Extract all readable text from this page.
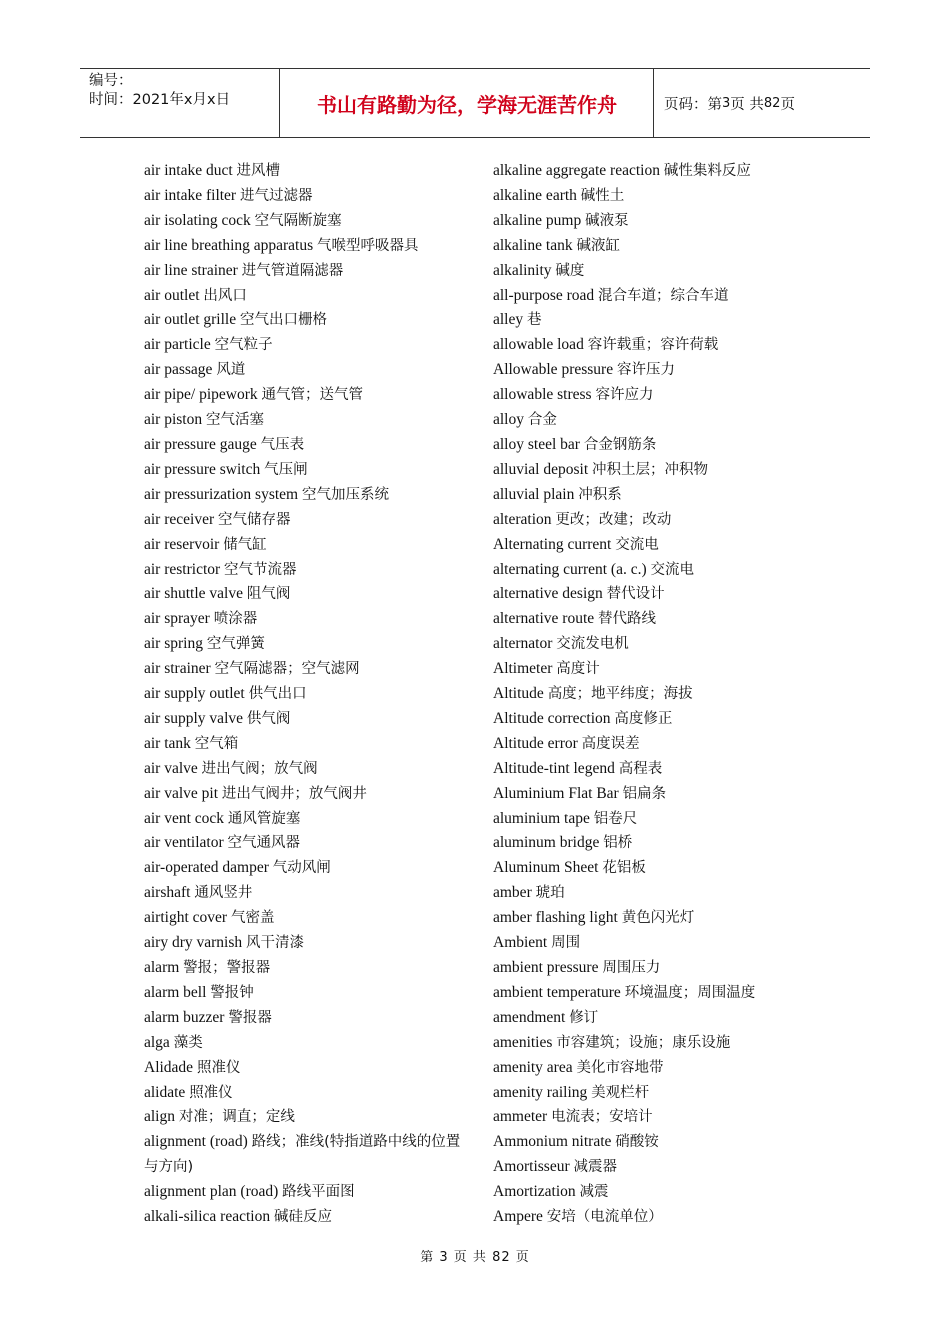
编号：
时间：2021年x月x日	书山有路勤为径，学海无涯苦作舟	页码：第 3 页 共 82 页
air intake duct 进风槽
air intake filter 进气过滤器
air isolating cock 空气隔断旋塞
air line breathing apparatus 气喉型呼吸器具
air line strainer 进气管道隔滤器
air outlet 出风口
air outlet grille 空气出口栅格
air particle 空气粒子
air passage 风道
air pipe/ pipework 通气管；送气管
air piston 空气活塞
air pressure gauge 气压表
air pressure switch 气压闸
air pressurization system 空气加压系统
air receiver 空气储存器
air reservoir 储气缸
air restrictor 空气节流器
air shuttle valve 阻气阀
air sprayer 喷涂器
air spring 空气弹簧
air strainer 空气隔滤器；空气滤网
air supply outlet 供气出口
air supply valve 供气阀
air tank 空气箱
air valve 进出气阀；放气阀
air valve pit 进出气阀井；放气阀井
air vent cock 通风管旋塞
air ventilator 空气通风器
air-operated damper 气动风闸
airshaft 通风竖井
airtight cover 气密盖
airy dry varnish 风干清漆
alarm 警报；警报器
alarm bell 警报钟
alarm buzzer 警报器
alga 藻类
Alidade 照准仪
alidate 照准仪
align 对准；调直；定线
alignment (road) 路线；准线(特指道路中线的位置与方向)
alignment plan (road) 路线平面图
alkali-silica reaction 碱硅反应
alkaline aggregate reaction 碱性集料反应
alkaline earth 碱性土
alkaline pump 碱液泵
alkaline tank 碱液缸
alkalinity 碱度
all-purpose road 混合车道；综合车道
alley 巷
allowable load 容许载重；容许荷载
Allowable pressure 容许压力
allowable stress 容许应力
alloy 合金
alloy steel bar 合金钢筋条
alluvial deposit 冲积土层；冲积物
alluvial plain 冲积系
alteration 更改；改建；改动
Alternating current 交流电
alternating current (a. c.) 交流电
alternative design 替代设计
alternative route 替代路线
alternator 交流发电机
Altimeter 高度计
Altitude 高度；地平纬度；海拔
Altitude correction 高度修正
Altitude error 高度误差
Altitude-tint legend 高程表
Aluminium Flat Bar 铝扁条
aluminium tape 铝卷尺
aluminum bridge 铝桥
Aluminum Sheet 花铝板
amber 琥珀
amber flashing light 黄色闪光灯
Ambient 周围
ambient pressure 周围压力
ambient temperature 环境温度；周围温度
amendment 修订
amenities 市容建筑；设施；康乐设施
amenity area 美化市容地带
amenity railing 美观栏杆
ammeter 电流表；安培计
Ammonium nitrate 硝酸铵
Amortisseur 减震器
Amortization 减震
Ampere 安培（电流单位）
第 3 页 共 82 页
